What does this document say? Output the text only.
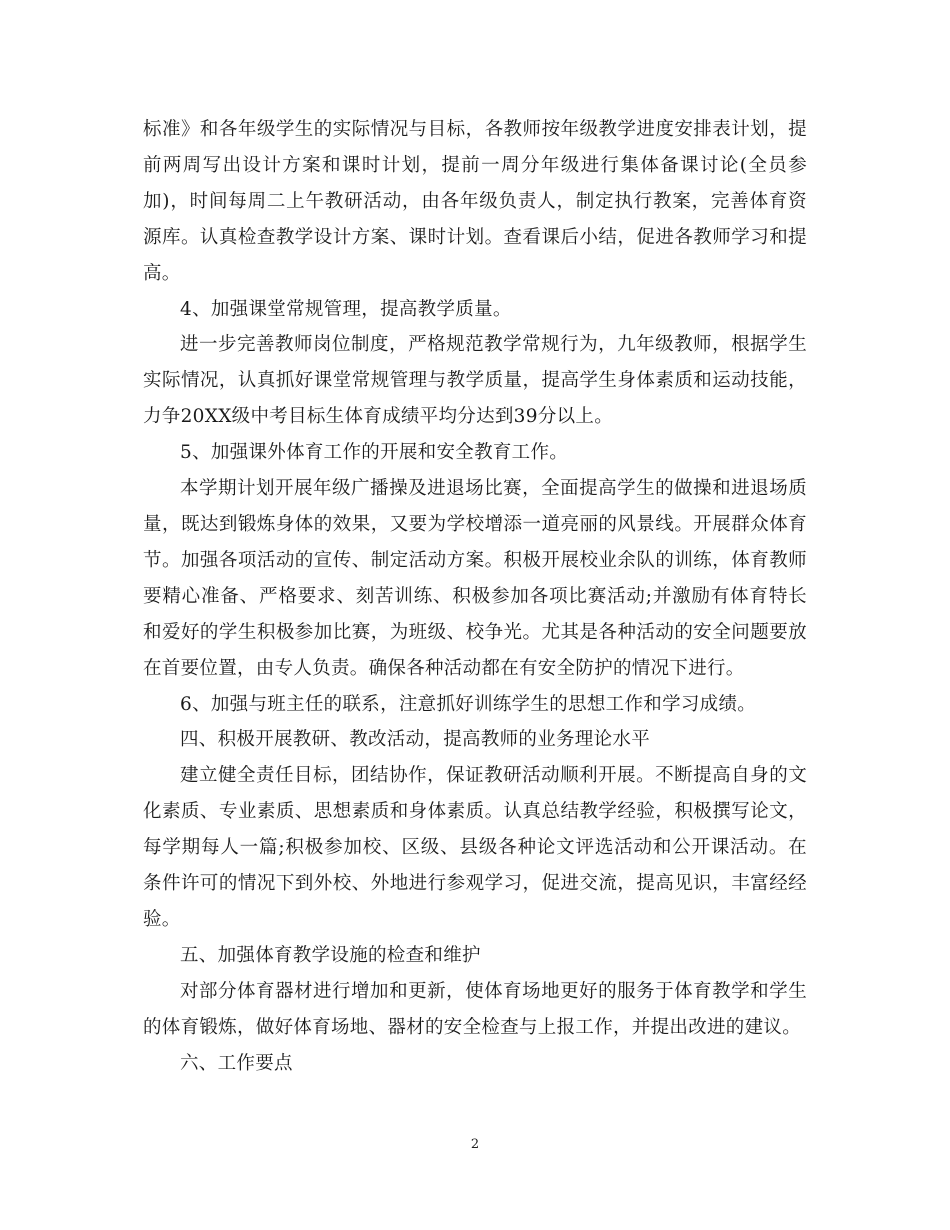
标准》和各年级学生的实际情况与目标，各教师按年级教学进度安排表计划，提前两周写出设计方案和课时计划，提前一周分年级进行集体备课讨论(全员参加)，时间每周二上午教研活动，由各年级负责人，制定执行教案，完善体育资源库。认真检查教学设计方案、课时计划。查看课后小结，促进各教师学习和提高。

4、加强课堂常规管理，提高教学质量。

进一步完善教师岗位制度，严格规范教学常规行为，九年级教师，根据学生实际情况，认真抓好课堂常规管理与教学质量，提高学生身体素质和运动技能，力争20XX级中考目标生体育成绩平均分达到39分以上。

5、加强课外体育工作的开展和安全教育工作。

本学期计划开展年级广播操及进退场比赛，全面提高学生的做操和进退场质量，既达到锻炼身体的效果，又要为学校增添一道亮丽的风景线。开展群众体育节。加强各项活动的宣传、制定活动方案。积极开展校业余队的训练，体育教师要精心准备、严格要求、刻苦训练、积极参加各项比赛活动;并激励有体育特长和爱好的学生积极参加比赛，为班级、校争光。尤其是各种活动的安全问题要放在首要位置，由专人负责。确保各种活动都在有安全防护的情况下进行。

6、加强与班主任的联系，注意抓好训练学生的思想工作和学习成绩。

四、积极开展教研、教改活动，提高教师的业务理论水平

建立健全责任目标，团结协作，保证教研活动顺利开展。不断提高自身的文化素质、专业素质、思想素质和身体素质。认真总结教学经验，积极撰写论文，每学期每人一篇;积极参加校、区级、县级各种论文评选活动和公开课活动。在条件许可的情况下到外校、外地进行参观学习，促进交流，提高见识，丰富经经验。

五、加强体育教学设施的检查和维护

对部分体育器材进行增加和更新，使体育场地更好的服务于体育教学和学生的体育锻炼，做好体育场地、器材的安全检查与上报工作，并提出改进的建议。

六、工作要点

2
